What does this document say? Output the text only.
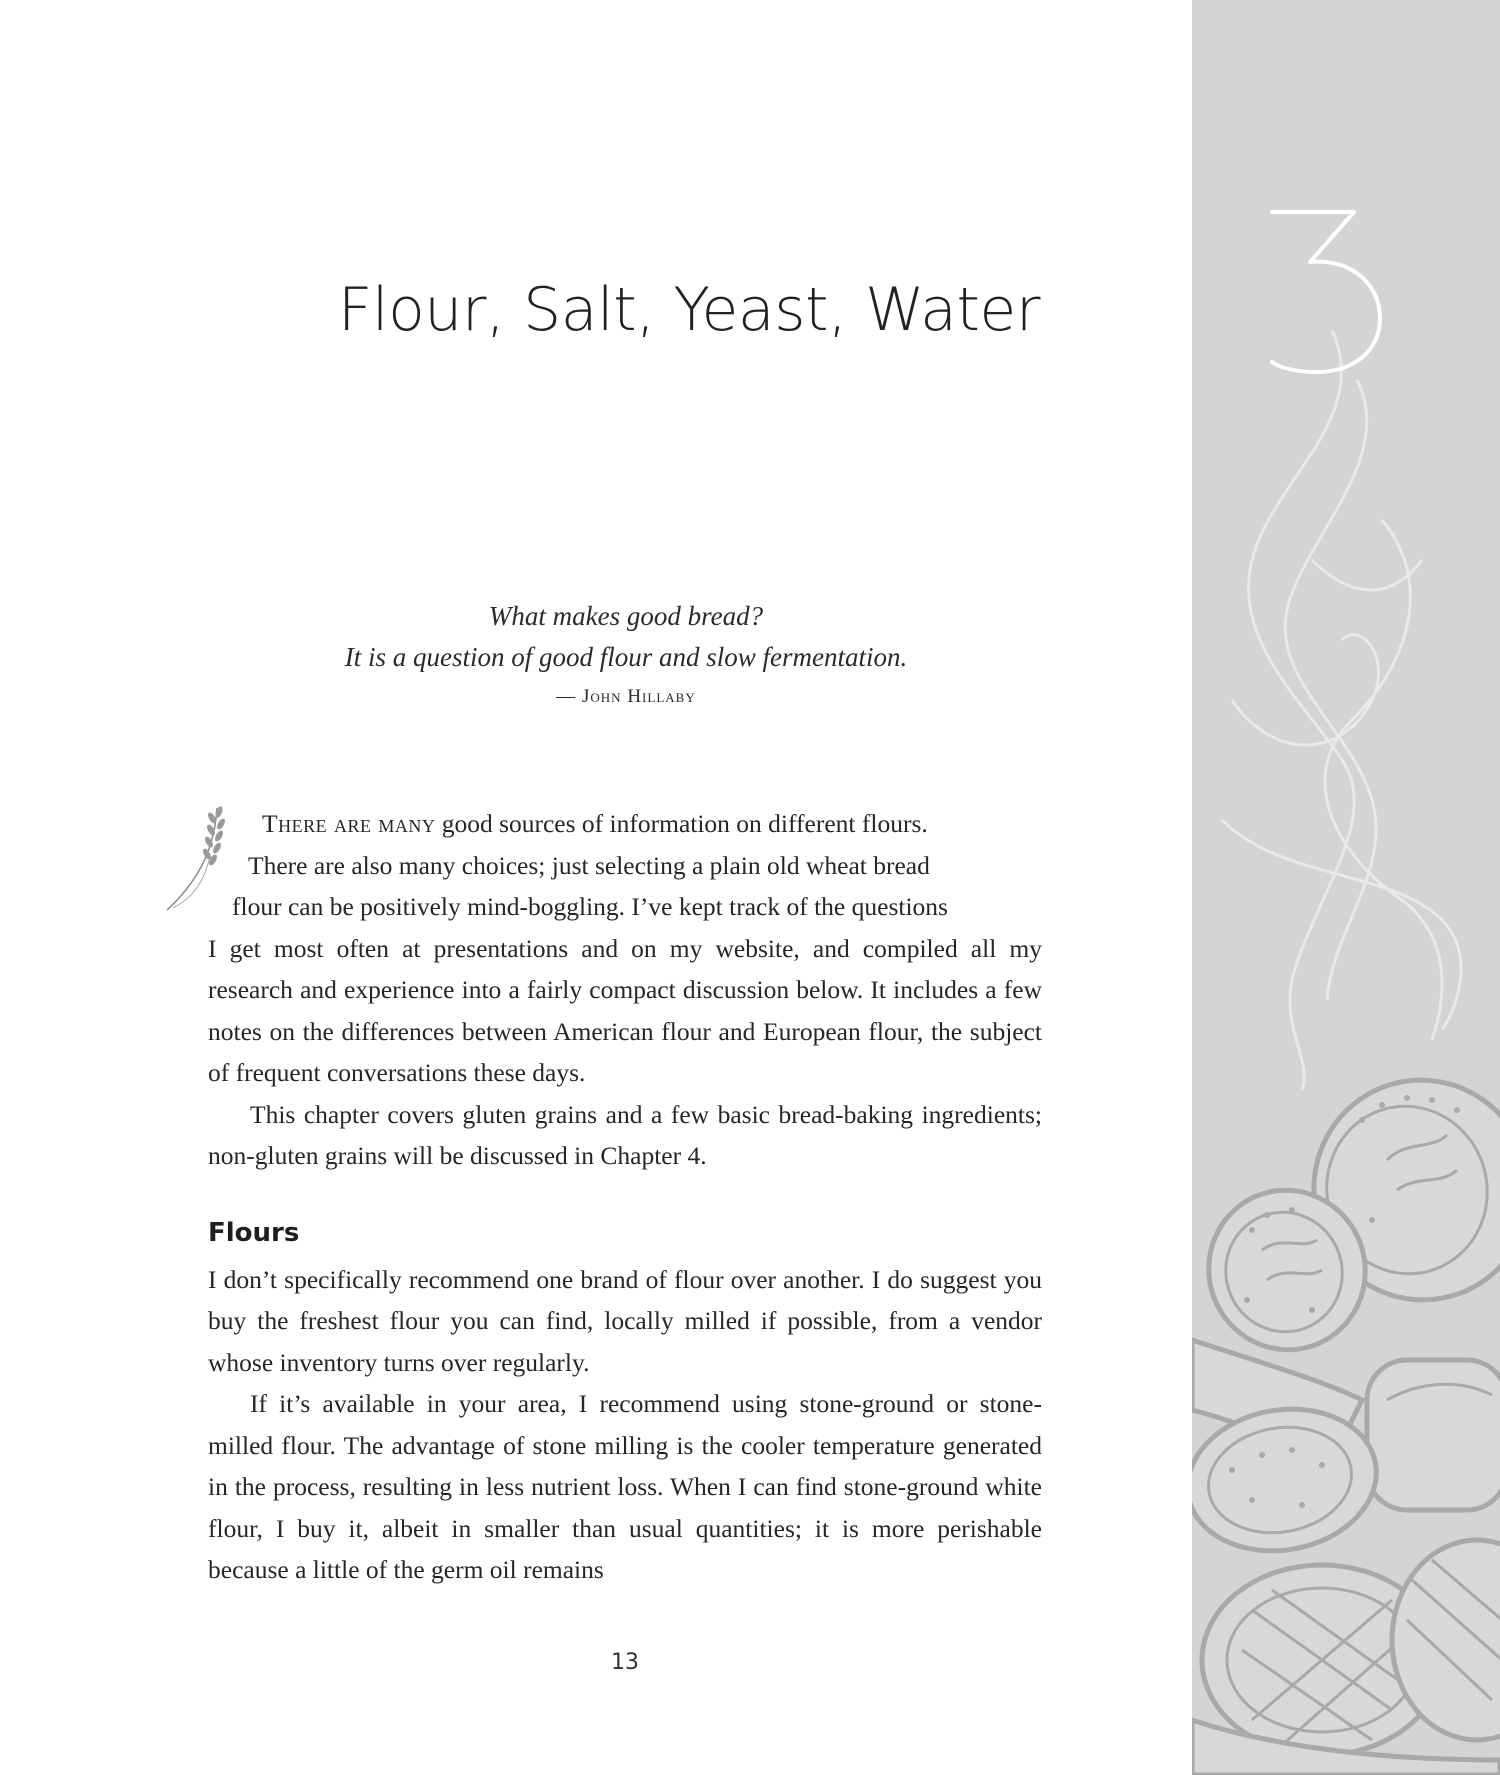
Flour, Salt, Yeast, Water
What makes good bread?
It is a question of good flour and slow fermentation.
— John Hillaby

There are many good sources of information on different flours.
There are also many choices; just selecting a plain old wheat bread
flour can be positively mind-boggling. I’ve kept track of the questions
I get most often at presentations and on my website, and compiled all my research and experience into a fairly compact discussion below. It includes a few notes on the differences between American flour and European flour, the subject of frequent conversations these days.

This chapter covers gluten grains and a few basic bread-baking ingredients; non-gluten grains will be discussed in Chapter 4.

Flours

I don’t specifically recommend one brand of flour over another. I do suggest you buy the freshest flour you can find, locally milled if possible, from a vendor whose inventory turns over regularly.

If it’s available in your area, I recommend using stone-ground or stone-milled flour. The advantage of stone milling is the cooler temperature generated in the process, resulting in less nutrient loss. When I can find stone-ground white flour, I buy it, albeit in smaller than usual quantities; it is more perishable because a little of the germ oil remains

13
